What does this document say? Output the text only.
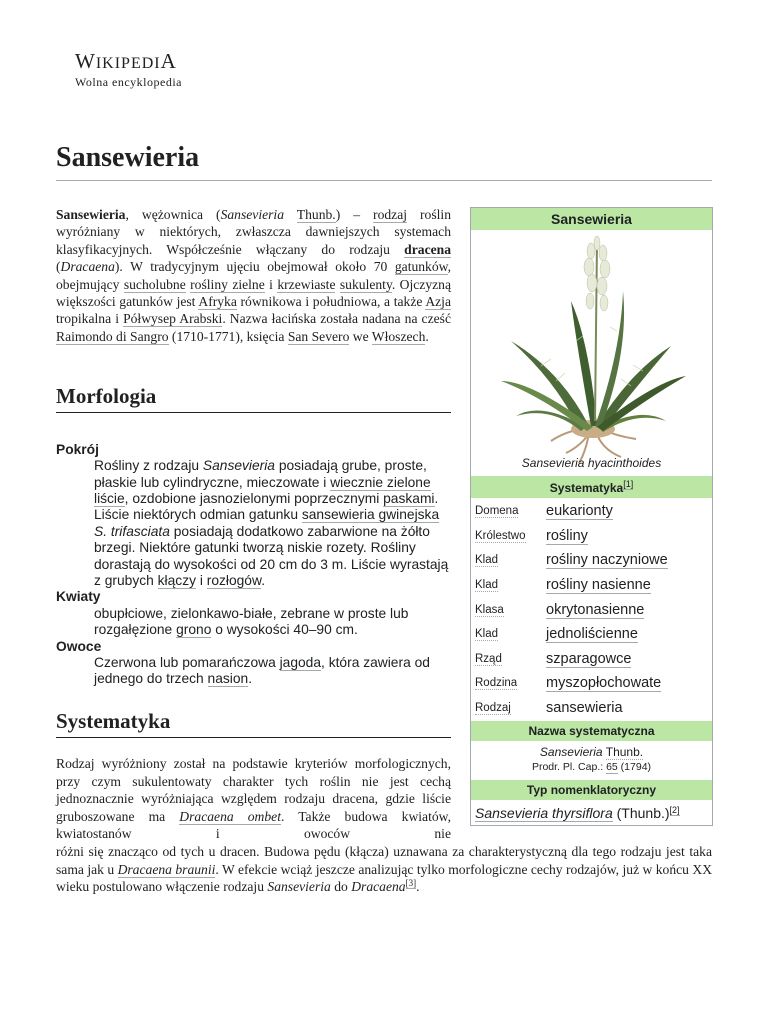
WIKIPEDIA
Wolna encyklopedia
Sansewieria
Sansewieria, wężownica (Sansevieria Thunb.) – rodzaj roślin wyróżniany w niektórych, zwłaszcza dawniejszych systemach klasyfikacyjnych. Współcześnie włączany do rodzaju dracena (Dracaena). W tradycyjnym ujęciu obejmował około 70 gatunków, obejmujący sucholubne rośliny zielne i krzewiaste sukulenty. Ojczyzną większości gatunków jest Afryka równikowa i południowa, a także Azja tropikalna i Półwysep Arabski. Nazwa łacińska została nadana na cześć Raimondo di Sangro (1710-1771), księcia San Severo we Włoszech.
Morfologia
Pokrój
Rośliny z rodzaju Sansevieria posiadają grube, proste, płaskie lub cylindryczne, mieczowate i wiecznie zielone liście, ozdobione jasnozielonymi poprzecznymi paskami. Liście niektórych odmian gatunku sansewieria gwinejska S. trifasciata posiadają dodatkowo zabarwione na żółto brzegi. Niektóre gatunki tworzą niskie rozety. Rośliny dorastają do wysokości od 20 cm do 3 m. Liście wyrastają z grubych kłączy i rozłogów.
Kwiaty
obupłciowe, zielonkawo-białe, zebrane w proste lub rozgałęzione grono o wysokości 40–90 cm.
Owoce
Czerwona lub pomarańczowa jagoda, która zawiera od jednego do trzech nasion.
Systematyka
Rodzaj wyróżniony został na podstawie kryteriów morfologicznych, przy czym sukulentowaty charakter tych roślin nie jest cechą jednoznacznie wyróżniająca względem rodzaju dracena, gdzie liście gruboszowane ma Dracaena ombet. Także budowa kwiatów, kwiatostanów i owoców nie
różni się znacząco od tych u dracen. Budowa pędu (kłącza) uznawana za charakterystyczną dla tego rodzaju jest taka sama jak u Dracaena braunii. W efekcie wciąż jeszcze analizując tylko morfologiczne cechy rodzajów, już w końcu XX wieku postulowano włączenie rodzaju Sansevieria do Dracaena[3].
Sansewieria
Sansevieria hyacinthoides
Systematyka[1]
Domena	eukarionty
Królestwo	rośliny
Klad	rośliny naczyniowe
Klad	rośliny nasienne
Klasa	okrytonasienne
Klad	jednoliścienne
Rząd	szparagowce
Rodzina	myszopłochowate
Rodzaj	sansewieria
Nazwa systematyczna
Sansevieria Thunb.
Prodr. Pl. Cap.: 65 (1794)
Typ nomenklatoryczny
Sansevieria thyrsiflora (Thunb.)[2]
